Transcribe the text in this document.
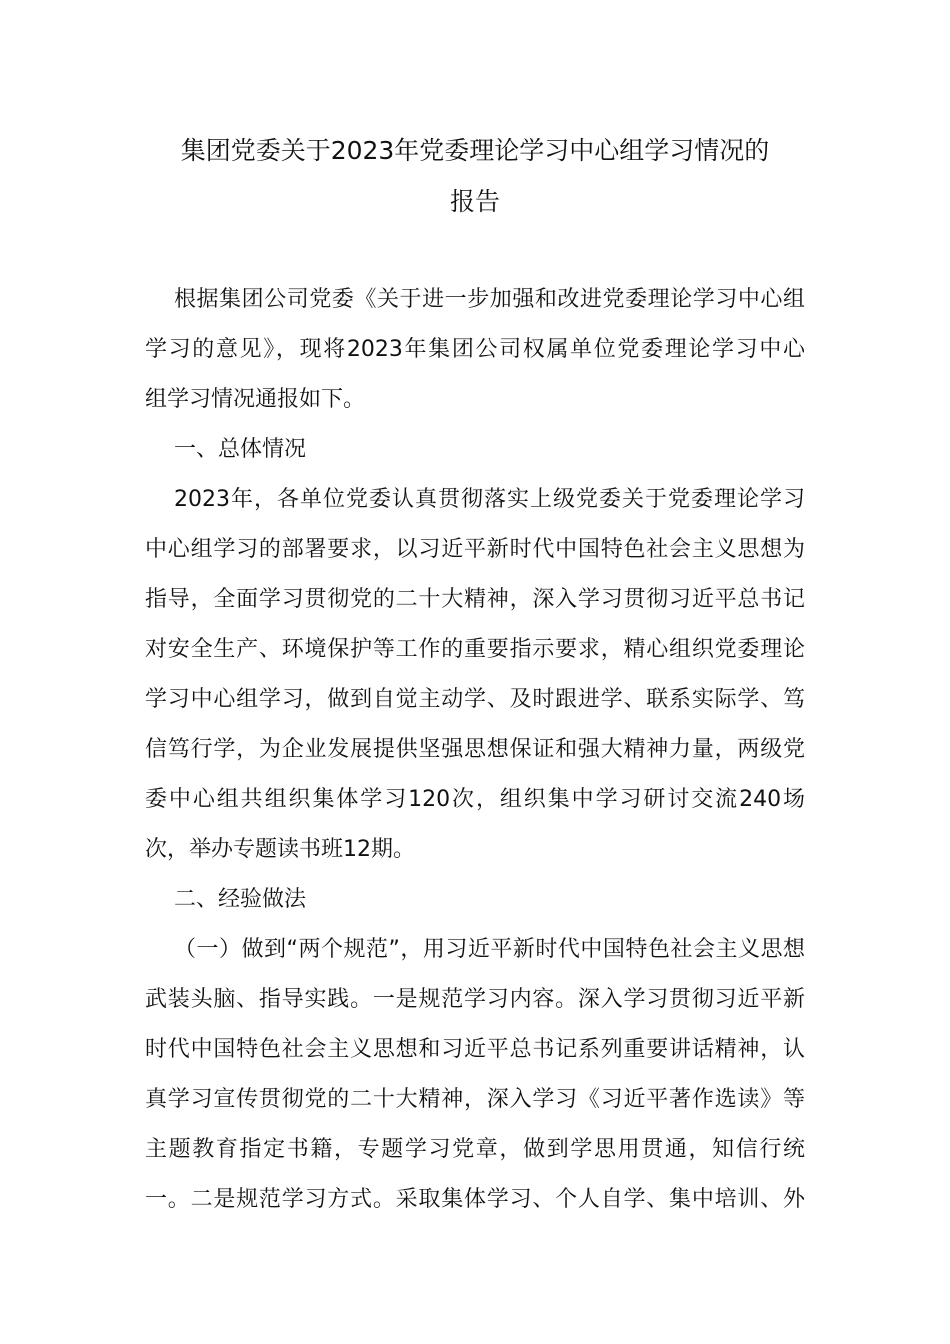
集团党委关于2023年党委理论学习中心组学习情况的
报告
根据集团公司党委《关于进一步加强和改进党委理论学习中心组
学习的意见》，现将2023年集团公司权属单位党委理论学习中心
组学习情况通报如下。
一、总体情况
2023年，各单位党委认真贯彻落实上级党委关于党委理论学习
中心组学习的部署要求，以习近平新时代中国特色社会主义思想为
指导，全面学习贯彻党的二十大精神，深入学习贯彻习近平总书记
对安全生产、环境保护等工作的重要指示要求，精心组织党委理论
学习中心组学习，做到自觉主动学、及时跟进学、联系实际学、笃
信笃行学，为企业发展提供坚强思想保证和强大精神力量，两级党
委中心组共组织集体学习120次，组织集中学习研讨交流240场
次，举办专题读书班12期。
二、经验做法
（一）做到“两个规范”，用习近平新时代中国特色社会主义思想
武装头脑、指导实践。一是规范学习内容。深入学习贯彻习近平新
时代中国特色社会主义思想和习近平总书记系列重要讲话精神，认
真学习宣传贯彻党的二十大精神，深入学习《习近平著作选读》等
主题教育指定书籍，专题学习党章，做到学思用贯通，知信行统
一。二是规范学习方式。采取集体学习、个人自学、集中培训、外
